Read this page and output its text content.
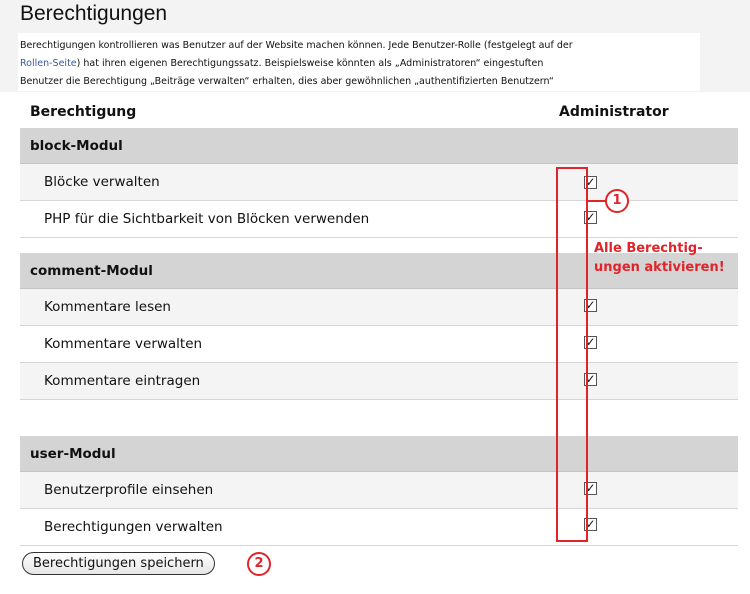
Berechtigungen
Berechtigungen kontrollieren was Benutzer auf der Website machen können. Jede Benutzer-Rolle (festgelegt auf der
Rollen-Seite) hat ihren eigenen Berechtigungssatz. Beispielsweise könnten als „Administratoren“ eingestuften
Benutzer die Berechtigung „Beiträge verwalten“ erhalten, dies aber gewöhnlichen „authentifizierten Benutzern“
Berechtigung	Administrator
block-Modul
Blöcke verwalten	✓
PHP für die Sichtbarkeit von Blöcken verwenden	✓
comment-Modul
Kommentare lesen	✓
Kommentare verwalten	✓
Kommentare eintragen	✓
user-Modul
Benutzerprofile einsehen	✓
Berechtigungen verwalten	✓
1
Alle Berechtig-
ungen aktivieren!
Berechtigungen speichern	2
